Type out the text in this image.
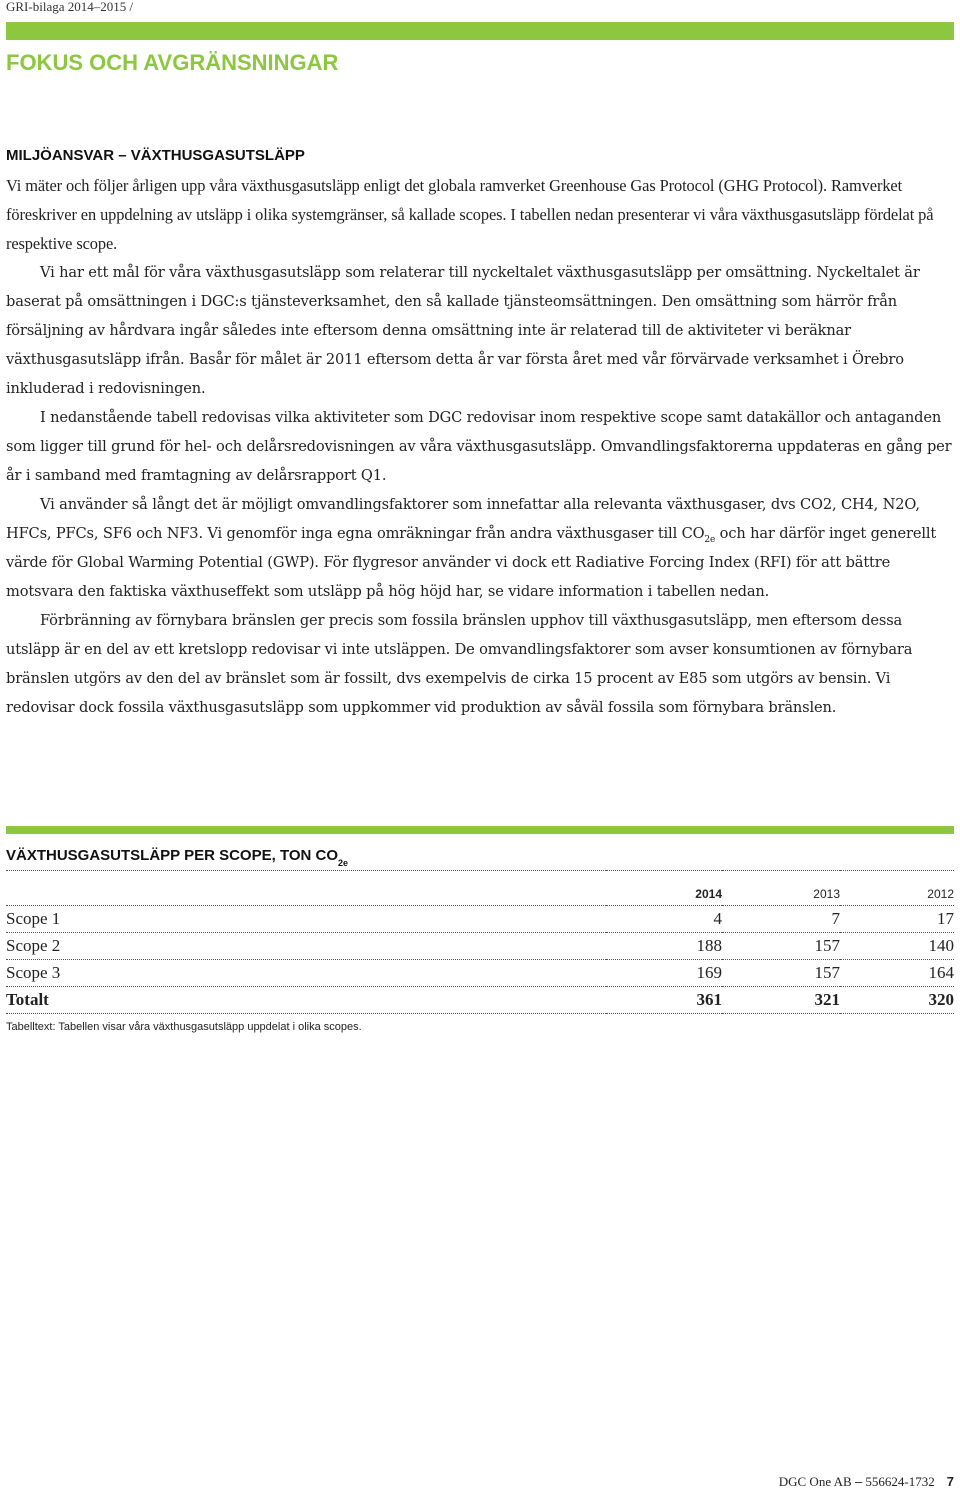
GRI-bilaga 2014–2015 /
FOKUS OCH AVGRÄNSNINGAR
MILJÖANSVAR – VÄXTHUSGASUTSLÄPP

Vi mäter och följer årligen upp våra växthusgasutsläpp enligt det globala ramverket Greenhouse Gas Protocol (GHG Protocol). Ramverket föreskriver en uppdelning av utsläpp i olika systemgränser, så kallade scopes. I tabellen nedan presenterar vi våra växthusgasutsläpp fördelat på respektive scope.

Vi har ett mål för våra växthusgasutsläpp som relaterar till nyckeltalet växthusgasutsläpp per omsättning. Nyckeltalet är baserat på omsättningen i DGC:s tjänsteverksamhet, den så kallade tjänsteomsättningen. Den omsättning som härrör från försäljning av hårdvara ingår således inte eftersom denna omsättning inte är relaterad till de aktiviteter vi beräknar växthusgasutsläpp ifrån. Basår för målet är 2011 eftersom detta år var första året med vår förvärvade verksamhet i Örebro inkluderad i redovisningen.

I nedanstående tabell redovisas vilka aktiviteter som DGC redovisar inom respektive scope samt datakällor och antaganden som ligger till grund för hel- och delårsredovisningen av våra växthusgasutsläpp. Omvandlingsfaktorerna uppdateras en gång per år i samband med framtagning av delårsrapport Q1.

Vi använder så långt det är möjligt omvandlingsfaktorer som innefattar alla relevanta växthusgaser, dvs CO2, CH4, N2O, HFCs, PFCs, SF6 och NF3. Vi genomför inga egna omräkningar från andra växthusgaser till $CO_{2e}$ och har därför inget generellt värde för Global Warming Potential (GWP). För flygresor använder vi dock ett Radiative Forcing Index (RFI) för att bättre motsvara den faktiska växthuseffekt som utsläpp på hög höjd har, se vidare information i tabellen nedan.

Förbränning av förnybara bränslen ger precis som fossila bränslen upphov till växthusgasutsläpp, men eftersom dessa utsläpp är en del av ett kretslopp redovisar vi inte utsläppen. De omvandlingsfaktorer som avser konsumtionen av förnybara bränslen utgörs av den del av bränslet som är fossilt, dvs exempelvis de cirka 15 procent av E85 som utgörs av bensin. Vi redovisar dock fossila växthusgasutsläpp som uppkommer vid produktion av såväl fossila som förnybara bränslen.

VÄXTHUSGASUTSLÄPP PER SCOPE, TON $CO_{2e}$
	2014	2013	2012
Scope 1	4	7	17
Scope 2	188	157	140
Scope 3	169	157	164
Totalt	361	321	320

Tabelltext: Tabellen visar våra växthusgasutsläpp uppdelat i olika scopes.

DGC One AB – 556624-1732 7
